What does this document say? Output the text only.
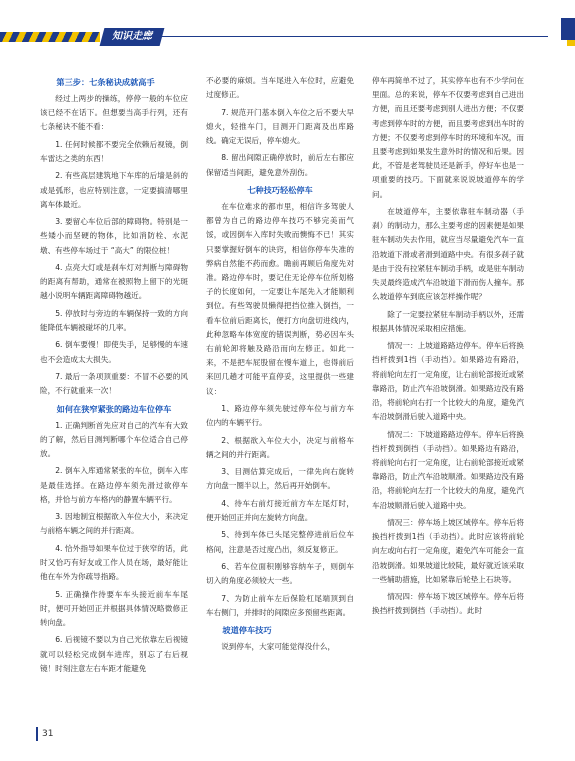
知识走廊
第三步：七条秘诀成就高手

经过上两步的操练，停停一般的车位应该已经不在话下。但想要当高手行列，还有七条秘诀不能不看：

1. 任何时候都不要完全依赖后视镜，倒车雷达之类的东西！

2. 有些高层建筑地下车库的后墙是斜的或是弧形，也应特别注意，一定要搞清哪里离车体最近。

3. 要留心车位后部的障碍物。特别是一些矮小而坚硬的物体，比如消防栓、水泥墩、有些停车场过于 “高大” 的限位桩！

4. 点亮大灯或是刹车灯对判断与障碍物的距离有帮助，通常在被照物上留下的光斑越小说明车辆距离障碍物越近。

5. 停放时与旁边的车辆保持一致的方向能降低车辆被碰坏的几率。

6. 倒车要慢！即使失手，足够慢的车速也不会造成太大损失。

7. 最后一条项顶重要：不冒不必要的风险，不行就重来一次！

如何在狭窄紧张的路边车位停车

1. 正确判断首先应对自己的汽车有大致的了解，然后目测判断哪个车位适合自己停放。

2. 倒车入库通常紧张的车位，倒车入库是最佳选择。在路边停车须先滑过欲停车格，并恰与前方车格内的静置车辆平行。

3. 因地制宜根据欲入车位大小，来决定与前格车辆之间的并行距离。

4. 恰外指导如果车位过于狭窄的话，此时又恰巧有好友或工作人员在场，最好能让他在车外为你疏导指路。

5. 正确操作待要车车头接近前车车尾时，便可开始回正并根据具体情况略微修正转向盘。

6. 后视镜不要以为自己光依靠左后视镜就可以轻松完成倒车进库，别忘了右后视镜！时刻注意左右车距才能避免

不必要的麻烦。当车尾进入车位时，应避免过度修正。

7. 规范开门基本倒入车位之后不要大早熄火，轻推车门，目测开门距离及出库路线。确定无误后，停车熄火。

8. 留出间隙正确停放时，前后左右都应保留适当间距，避免意外刮伤。

七种技巧轻松停车

在车位难求的都市里，相信许多驾驶人都曾为自己的路边停车技巧不够完美而气馁，或因倒车入库时失败而懊悔不已！其实只要掌握好倒车的诀窍，相信你停车失准的弊病自然能不药而愈。瞻前再顾后角度先对准。路边停车时，要记住无论停车位所划格子的长度如何，一定要让车尾先入才能顺利到位。有些驾驶员懒得把挡位推入倒挡，一看车位前后距离长，便打方向盘切进线内，此种忽略车体宽度的错误判断，势必因车头右前轮卸将触及路沿而向左修正。如此一来，不是把车屁股留在慢车道上，也得前后来回几趟才可能平直停妥，这里提供一些建议：

1、路边停车须先驶过停车位与前方车位内的车辆平行。

2、根据欲入车位大小，决定与前格车辆之间的并行距离。

3、目测估算完成后，一律先向右旋转方向盘一圈半以上，然后再开始倒车。

4、待车右前灯接近前方车左尾灯时，便开始回正并向左旋转方向盘。

5、待到车体已头尾完整停进前后位车格间，注意是否过度凸出，须反复修正。

6、若车位面积刚够容纳车子，则倒车切入的角度必须较大一些。

7、为防止前车左后保险杠尾端顶到自车右侧门，并排时的间隙应多预留些距离。

坡道停车技巧

说到停车，大家可能觉得没什么，

停车再简单不过了，其实停车也有不少学问在里面。总的来说，停车不仅要考虑到自己进出方便，而且还要考虑到别人进出方便；不仅要考虑到停车时的方便，而且要考虑到出车时的方便；不仅要考虑到停车时的环境和车况，而且要考虑到如果发生意外时的情况和后果。因此，不管是老驾驶员还是新手，停好车也是一项重要的技巧。下面就来说说坡道停车的学问。

在坡道停车，主要依靠驻车制动器（手刹）的制动力，那么主要考虑的因素便是如果驻车制动失去作用，就应当尽量避免汽车一直沿坡道下滑或者滑到道路中央。有很多刹子就是由于没有拉紧驻车制动手柄，或是驻车制动失灵最终造成汽车沿坡道下滑而伤人撞车。那么坡道停车到底应该怎样操作呢？

除了一定要拉紧驻车制动手柄以外，还需根据具体情况采取相应措施。

情况一：上坡道路路边停车。停车后将换挡杆拨到1挡（手动挡）。如果路边有路沿，将前轮向左打一定角度，让右前轮部接近或紧靠路沿，防止汽车沿坡倒滑。如果路边没有路沿，将前轮向右打一个比较大的角度，避免汽车沿坡倒滑后驶入道路中央。

情况二：下坡道路路边停车。停车后将换挡杆拨到倒挡（手动挡）。如果路边有路沿，将前轮向右打一定角度，让右前轮部接近或紧靠路沿，防止汽车沿坡顺滑。如果路边没有路沿，将前轮向左打一个比较大的角度，避免汽车沿坡顺滑后驶入道路中央。

情况三：停车场上坡区域停车。停车后将换挡杆拨到1挡（手动挡）。此时应该将前轮向左或向右打一定角度，避免汽车可能会一直沿坡倒滑。如果坡道比较陡，最好就近该采取一些辅助措施，比如紧靠后轮垫上石块等。

情况四：停车场下坡区域停车。停车后将换挡杆拨到倒挡（手动挡）。此时

31
